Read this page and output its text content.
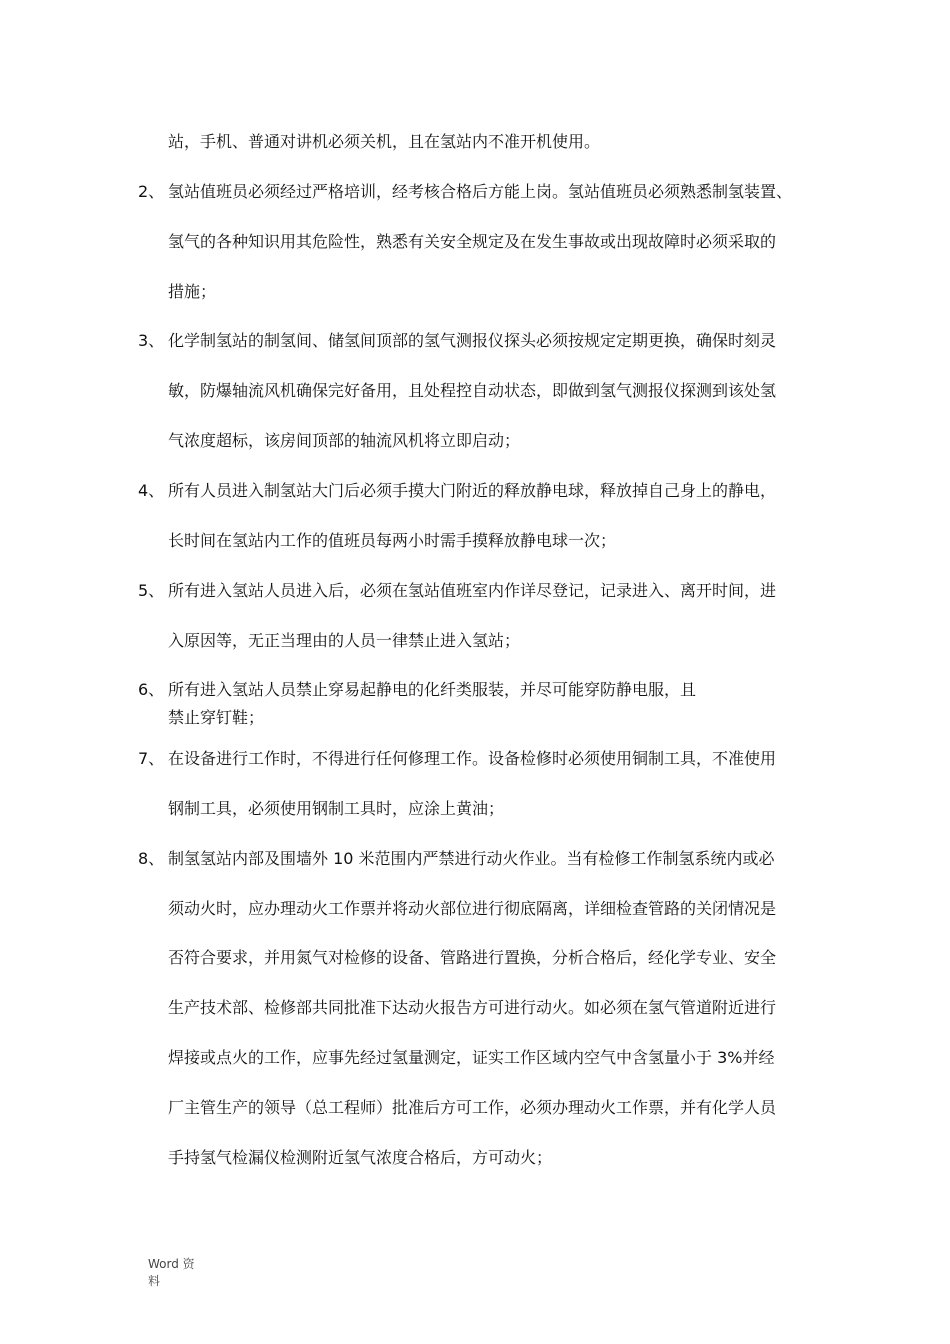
站，手机、普通对讲机必须关机，且在氢站内不准开机使用。
2、 氢站值班员必须经过严格培训，经考核合格后方能上岗。氢站值班员必须熟悉制氢装置、
氢气的各种知识用其危险性，熟悉有关安全规定及在发生事故或出现故障时必须采取的
措施；
3、 化学制氢站的制氢间、储氢间顶部的氢气测报仪探头必须按规定定期更换，确保时刻灵
敏，防爆轴流风机确保完好备用，且处程控自动状态，即做到氢气测报仪探测到该处氢
气浓度超标，该房间顶部的轴流风机将立即启动；
4、 所有人员进入制氢站大门后必须手摸大门附近的释放静电球，释放掉自己身上的静电，
长时间在氢站内工作的值班员每两小时需手摸释放静电球一次；
5、 所有进入氢站人员进入后，必须在氢站值班室内作详尽登记，记录进入、离开时间，进
入原因等，无正当理由的人员一律禁止进入氢站；
6、 所有进入氢站人员禁止穿易起静电的化纤类服装，并尽可能穿防静电服，且
禁止穿钉鞋；
7、 在设备进行工作时，不得进行任何修理工作。设备检修时必须使用铜制工具，不准使用
钢制工具，必须使用钢制工具时，应涂上黄油；
8、 制氢氢站内部及围墙外 10 米范围内严禁进行动火作业。当有检修工作制氢系统内或必
须动火时，应办理动火工作票并将动火部位进行彻底隔离，详细检查管路的关闭情况是
否符合要求，并用氮气对检修的设备、管路进行置换，分析合格后，经化学专业、安全
生产技术部、检修部共同批准下达动火报告方可进行动火。如必须在氢气管道附近进行
焊接或点火的工作，应事先经过氢量测定，证实工作区域内空气中含氢量小于 3%并经
厂主管生产的领导（总工程师）批准后方可工作，必须办理动火工作票，并有化学人员
手持氢气检漏仪检测附近氢气浓度合格后，方可动火；
Word 资
料
